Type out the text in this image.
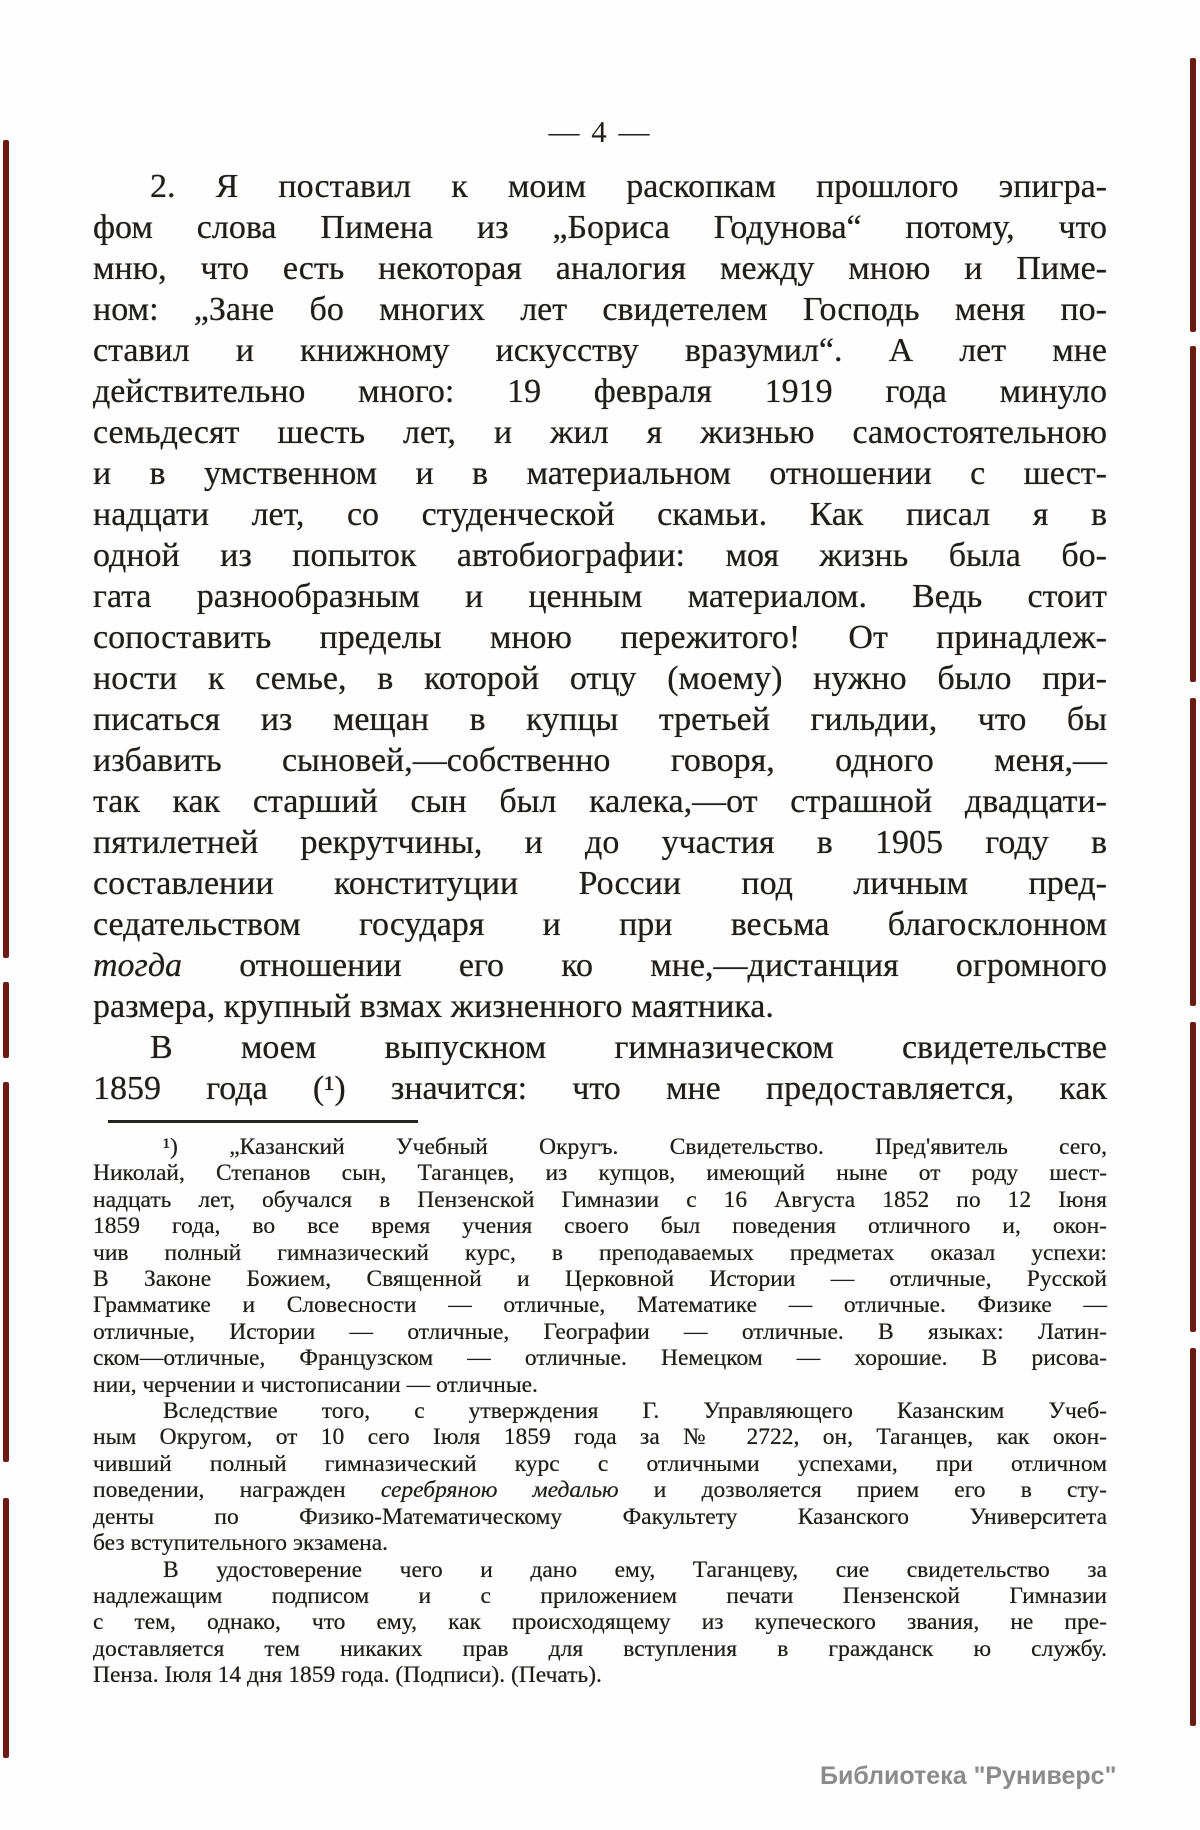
— 4 —
2. Я поставил к моим раскопкам прошлого эпигра-
фом слова Пимена из „Бориса Годунова“ потому, что
мню, что есть некоторая аналогия между мною и Пиме-
ном: „Зане бо многих лет свидетелем Господь меня по-
ставил и книжному искусству вразумил“. А лет мне
действительно много: 19 февраля 1919 года минуло
семьдесят шесть лет, и жил я жизнью самостоятельною
и в умственном и в материальном отношении с шест-
надцати лет, со студенческой скамьи. Как писал я в
одной из попыток автобиографии: моя жизнь была бо-
гата разнообразным и ценным материалом. Ведь стоит
сопоставить пределы мною пережитого! От принадлеж-
ности к семье, в которой отцу (моему) нужно было при-
писаться из мещан в купцы третьей гильдии, что бы
избавить сыновей,—собственно говоря, одного меня,—
так как старший сын был калека,—от страшной двадцати-
пятилетней рекрутчины, и до участия в 1905 году в
составлении конституции России под личным пред-
седательством государя и при весьма благосклонном
тогда отношении его ко мне,—дистанция огромного
размера, крупный взмах жизненного маятника.
В моем выпускном гимназическом свидетельстве
1859 года (¹) значится: что мне предоставляется, как
¹) „Казанский Учебный Округъ. Свидетельство. Пред'явитель сего,
Николай, Степанов сын, Таганцев, из купцов, имеющий ныне от роду шест-
надцать лет, обучался в Пензенской Гимназии с 16 Августа 1852 по 12 Іюня
1859 года, во все время учения своего был поведения отличного и, окон-
чив полный гимназический курс, в преподаваемых предметах оказал успехи:
В Законе Божием, Священной и Церковной Истории — отличные, Русской
Грамматике и Словесности — отличные, Математике — отличные. Физике —
отличные, Истории — отличные, Географии — отличные. В языках: Латин-
ском—отличные, Французском — отличные. Немецком — хорошие. В рисова-
нии, черчении и чистописании — отличные.
Вследствие того, с утверждения Г. Управляющего Казанским Учеб-
ным Округом, от 10 сего Іюля 1859 года за № 2722, он, Таганцев, как окон-
чивший полный гимназический курс с отличными успехами, при отличном
поведении, награжден серебряною медалью и дозволяется прием его в сту-
денты по Физико-Математическому Факультету Казанского Университета
без вступительного экзамена.
В удостоверение чего и дано ему, Таганцеву, сие свидетельство за
надлежащим подписом и с приложением печати Пензенской Гимназии
с тем, однако, что ему, как происходящему из купеческого звания, не пре-
доставляется тем никаких прав для вступления в гражданск ю службу.
Пенза. Іюля 14 дня 1859 года. (Подписи). (Печать).
Библиотека "Руниверс"
